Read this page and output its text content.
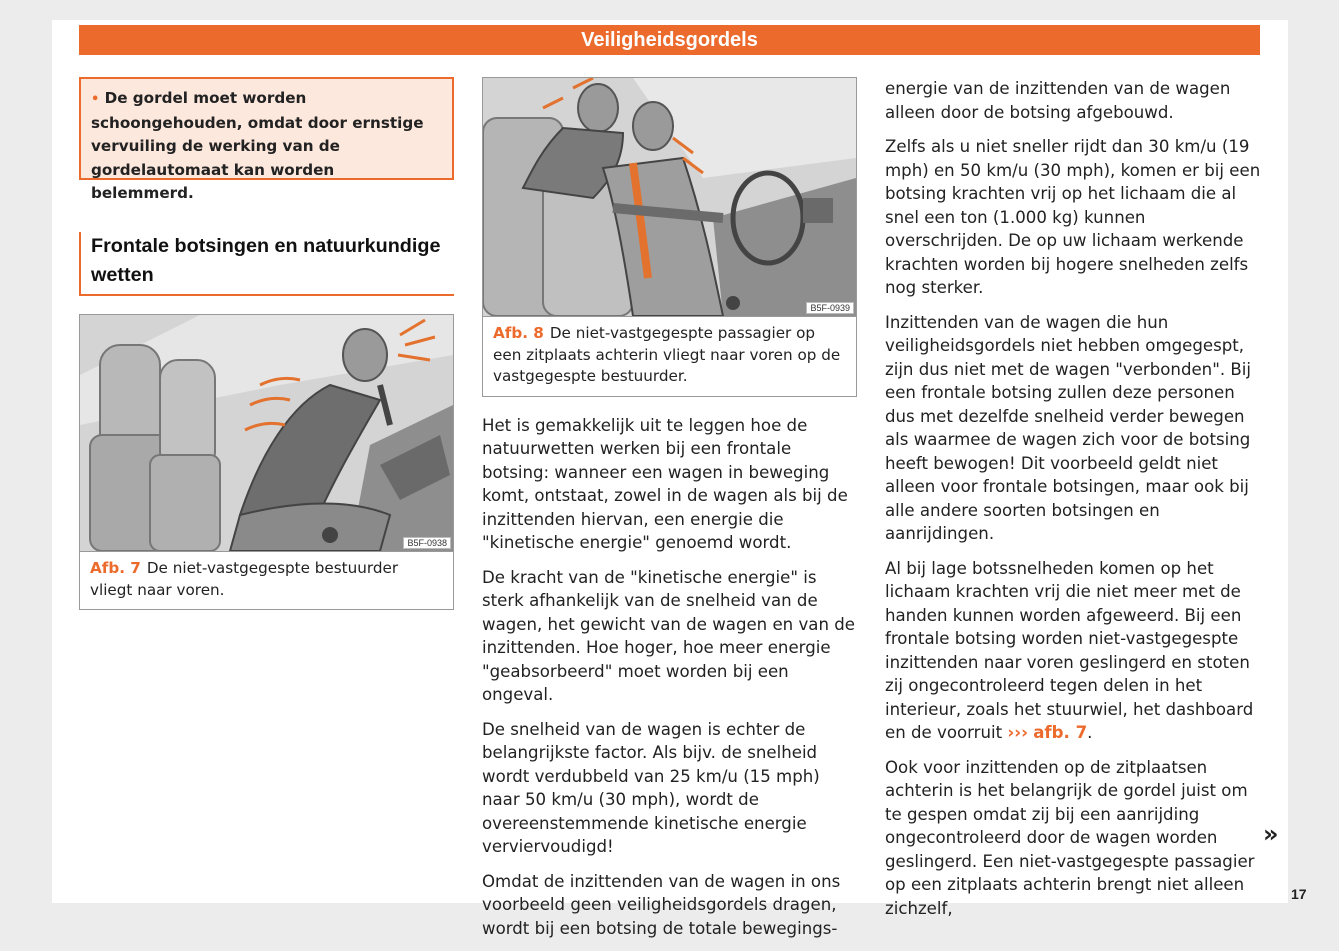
Veiligheidsgordels
• De gordel moet worden schoongehouden, omdat door ernstige vervuiling de werking van de gordelautomaat kan worden belemmerd.
Frontale botsingen en natuurkundige wetten
B5F-0938
Afb. 7 De niet-vastgegespte bestuurder vliegt naar voren.
B5F-0939
Afb. 8 De niet-vastgegespte passagier op een zitplaats achterin vliegt naar voren op de vastgegespte bestuurder.

Het is gemakkelijk uit te leggen hoe de natuurwetten werken bij een frontale botsing: wanneer een wagen in beweging komt, ontstaat, zowel in de wagen als bij de inzittenden hiervan, een energie die "kinetische energie" genoemd wordt.

De kracht van de "kinetische energie" is sterk afhankelijk van de snelheid van de wagen, het gewicht van de wagen en van de inzittenden. Hoe hoger, hoe meer energie "geabsorbeerd" moet worden bij een ongeval.

De snelheid van de wagen is echter de belangrijkste factor. Als bijv. de snelheid wordt verdubbeld van 25 km/u (15 mph) naar 50 km/u (30 mph), wordt de overeenstemmende kinetische energie verviervoudigd!

Omdat de inzittenden van de wagen in ons voorbeeld geen veiligheidsgordels dragen, wordt bij een botsing de totale bewegings-

energie van de inzittenden van de wagen alleen door de botsing afgebouwd.

Zelfs als u niet sneller rijdt dan 30 km/u (19 mph) en 50 km/u (30 mph), komen er bij een botsing krachten vrij op het lichaam die al snel een ton (1.000 kg) kunnen overschrijden. De op uw lichaam werkende krachten worden bij hogere snelheden zelfs nog sterker.

Inzittenden van de wagen die hun veiligheidsgordels niet hebben omgegespt, zijn dus niet met de wagen "verbonden". Bij een frontale botsing zullen deze personen dus met dezelfde snelheid verder bewegen als waarmee de wagen zich voor de botsing heeft bewogen! Dit voorbeeld geldt niet alleen voor frontale botsingen, maar ook bij alle andere soorten botsingen en aanrijdingen.

Al bij lage botssnelheden komen op het lichaam krachten vrij die niet meer met de handen kunnen worden afgeweerd. Bij een frontale botsing worden niet-vastgegespte inzittenden naar voren geslingerd en stoten zij ongecontroleerd tegen delen in het interieur, zoals het stuurwiel, het dashboard en de voorruit ››› afb. 7.

Ook voor inzittenden op de zitplaatsen achterin is het belangrijk de gordel juist om te gespen omdat zij bij een aanrijding ongecontroleerd door de wagen worden geslingerd. Een niet-vastgegespte passagier op een zitplaats achterin brengt niet alleen zichzelf,

»
17
